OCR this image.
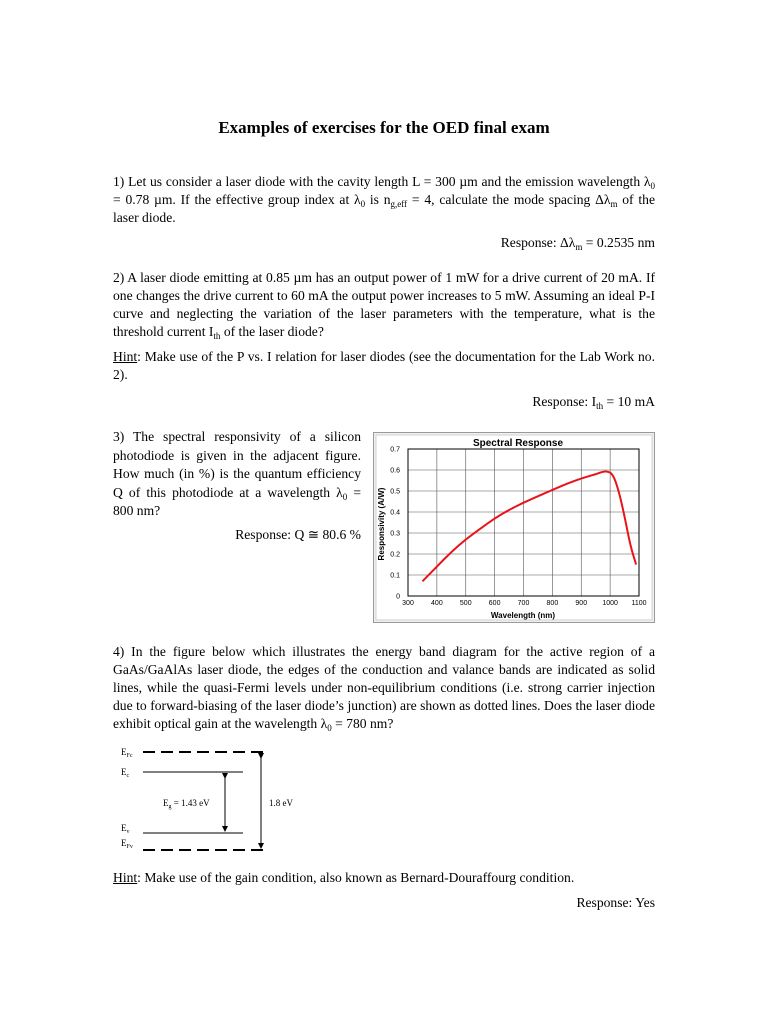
Examples of exercises for the OED final exam
1) Let us consider a laser diode with the cavity length L = 300 µm and the emission wavelength $\lambda_0 = 0.78$ µm. If the effective group index at $\lambda_0$ is $n_{g,eff} = 4$, calculate the mode spacing $\Delta\lambda_m$ of the laser diode.
Response: $\Delta\lambda_m = 0.2535$ nm
2) A laser diode emitting at 0.85 µm has an output power of 1 mW for a drive current of 20 mA. If one changes the drive current to 60 mA the output power increases to 5 mW. Assuming an ideal P-I curve and neglecting the variation of the laser parameters with the temperature, what is the threshold current $I_{th}$ of the laser diode?
Hint: Make use of the P vs. I relation for laser diodes (see the documentation for the Lab Work no. 2).
Response: $I_{th} = 10$ mA
3) The spectral responsivity of a silicon photodiode is given in the adjacent figure. How much (in %) is the quantum efficiency Q of this photodiode at a wavelength $\lambda_0 = 800$ nm?
Response: Q ≅ 80.6 %
Spectral Response
300 400 500 600 700 800 900 1000 1100
0
0.1
0.2
0.3
0.4
0.5
0.6
0.7
Wavelength (nm)
Responsivity (A/W)
4) In the figure below which illustrates the energy band diagram for the active region of a GaAs/GaAlAs laser diode, the edges of the conduction and valance bands are indicated as solid lines, while the quasi-Fermi levels under non-equilibrium conditions (i.e. strong carrier injection due to forward-biasing of the laser diode’s junction) are shown as dotted lines. Does the laser diode exhibit optical gain at the wavelength $\lambda_0 = 780$ nm?
$E_{Fc}$
$E_c$
$E_g = 1.43$ eV
$E_v$
$E_{Fv}$
1.8 eV
Hint: Make use of the gain condition, also known as Bernard-Douraffourg condition.
Response: Yes
